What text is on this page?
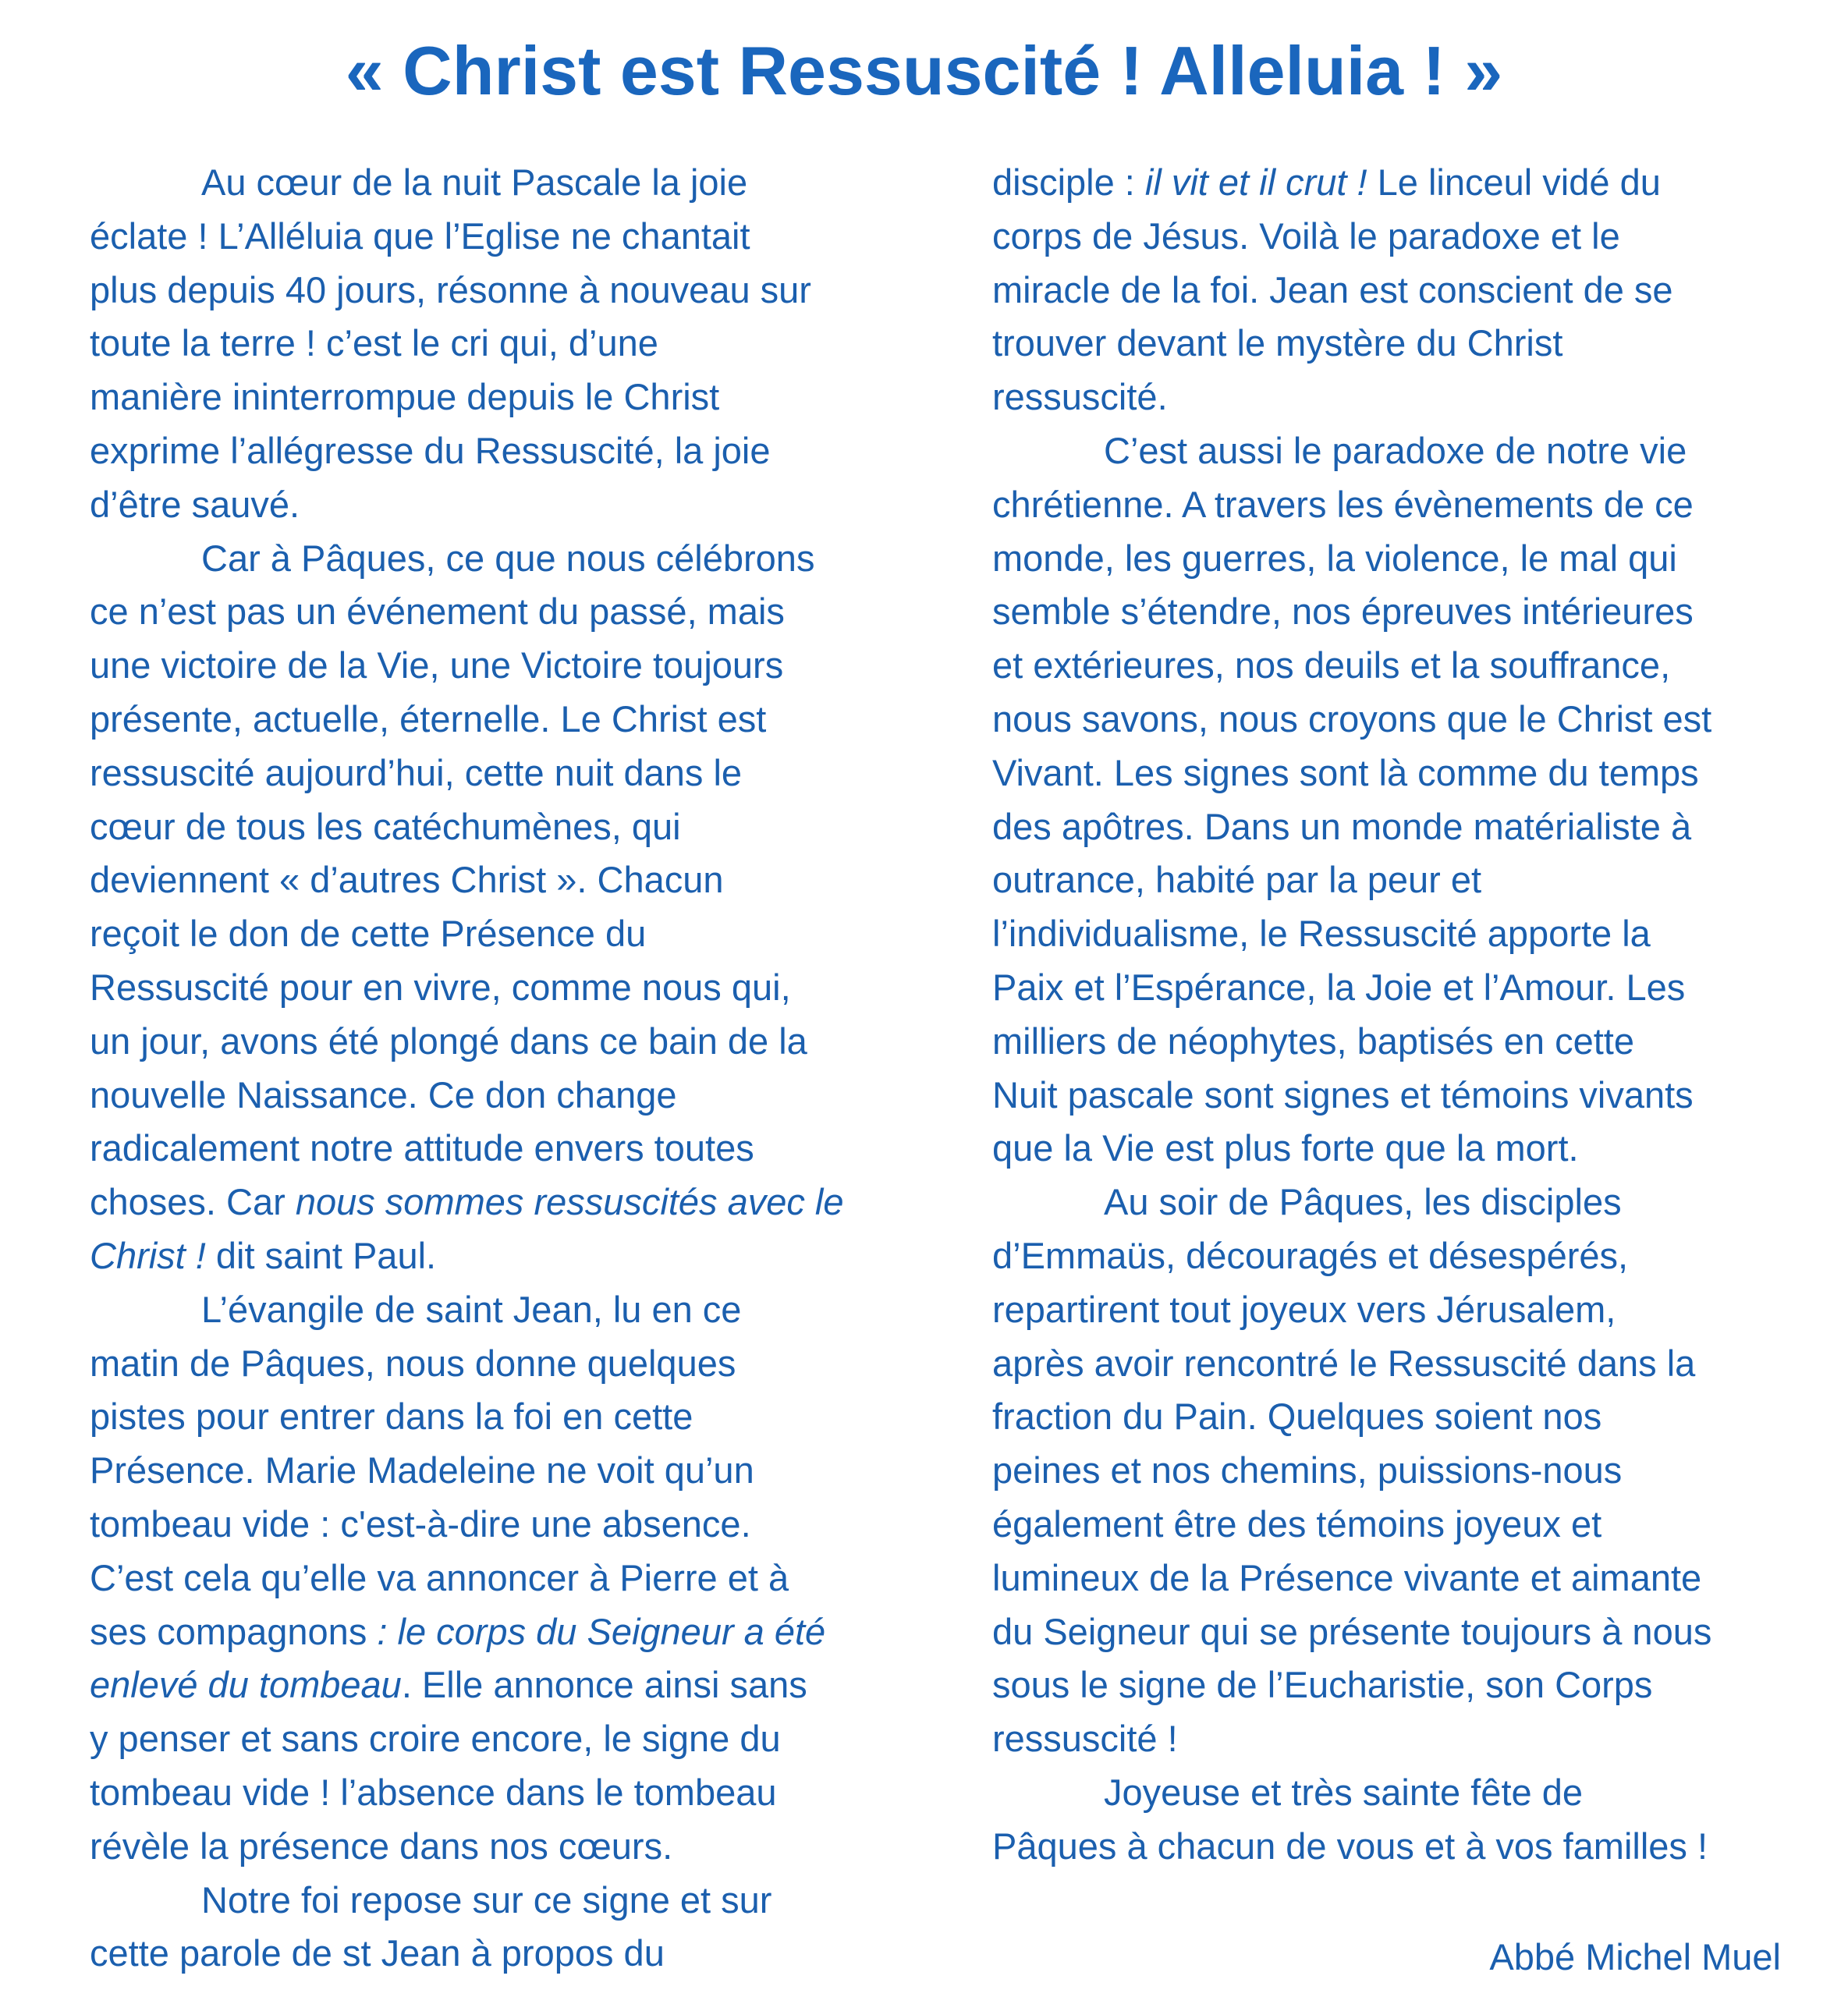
« Christ est Ressuscité ! Alleluia ! »

Au cœur de la nuit Pascale la joie

éclate ! L’Alléluia que l’Eglise ne chantait

plus depuis 40 jours, résonne à nouveau sur

toute la terre ! c’est le cri qui, d’une

manière ininterrompue depuis le Christ

exprime l’allégresse du Ressuscité, la joie

d’être sauvé.

Car à Pâques, ce que nous célébrons

ce n’est pas un événement du passé, mais

une victoire de la Vie, une Victoire toujours

présente, actuelle, éternelle. Le Christ est

ressuscité aujourd’hui, cette nuit dans le

cœur de tous les catéchumènes, qui

deviennent « d’autres Christ ». Chacun

reçoit le don de cette Présence du

Ressuscité pour en vivre, comme nous qui,

un jour, avons été plongé dans ce bain de la

nouvelle Naissance. Ce don change

radicalement notre attitude envers toutes

choses. Car nous sommes ressuscités avec le

Christ ! dit saint Paul.

L’évangile de saint Jean, lu en ce

matin de Pâques, nous donne quelques

pistes pour entrer dans la foi en cette

Présence. Marie Madeleine ne voit qu’un

tombeau vide : c'est-à-dire une absence.

C’est cela qu’elle va annoncer à Pierre et à

ses compagnons : le corps du Seigneur a été

enlevé du tombeau. Elle annonce ainsi sans

y penser et sans croire encore, le signe du

tombeau vide ! l’absence dans le tombeau

révèle la présence dans nos cœurs.

Notre foi repose sur ce signe et sur

cette parole de st Jean à propos du

disciple : il vit et il crut ! Le linceul vidé du

corps de Jésus. Voilà le paradoxe et le

miracle de la foi. Jean est conscient de se

trouver devant le mystère du Christ

ressuscité.

C’est aussi le paradoxe de notre vie

chrétienne. A travers les évènements de ce

monde, les guerres, la violence, le mal qui

semble s’étendre, nos épreuves intérieures

et extérieures, nos deuils et la souffrance,

nous savons, nous croyons que le Christ est

Vivant. Les signes sont là comme du temps

des apôtres. Dans un monde matérialiste à

outrance, habité par la peur et

l’individualisme, le Ressuscité apporte la

Paix et l’Espérance, la Joie et l’Amour. Les

milliers de néophytes, baptisés en cette

Nuit pascale sont signes et témoins vivants

que la Vie est plus forte que la mort.

Au soir de Pâques, les disciples

d’Emmaüs, découragés et désespérés,

repartirent tout joyeux vers Jérusalem,

après avoir rencontré le Ressuscité dans la

fraction du Pain. Quelques soient nos

peines et nos chemins, puissions-nous

également être des témoins joyeux et

lumineux de la Présence vivante et aimante

du Seigneur qui se présente toujours à nous

sous le signe de l’Eucharistie, son Corps

ressuscité !

Joyeuse et très sainte fête de

Pâques à chacun de vous et à vos familles !

Abbé Michel Muel
